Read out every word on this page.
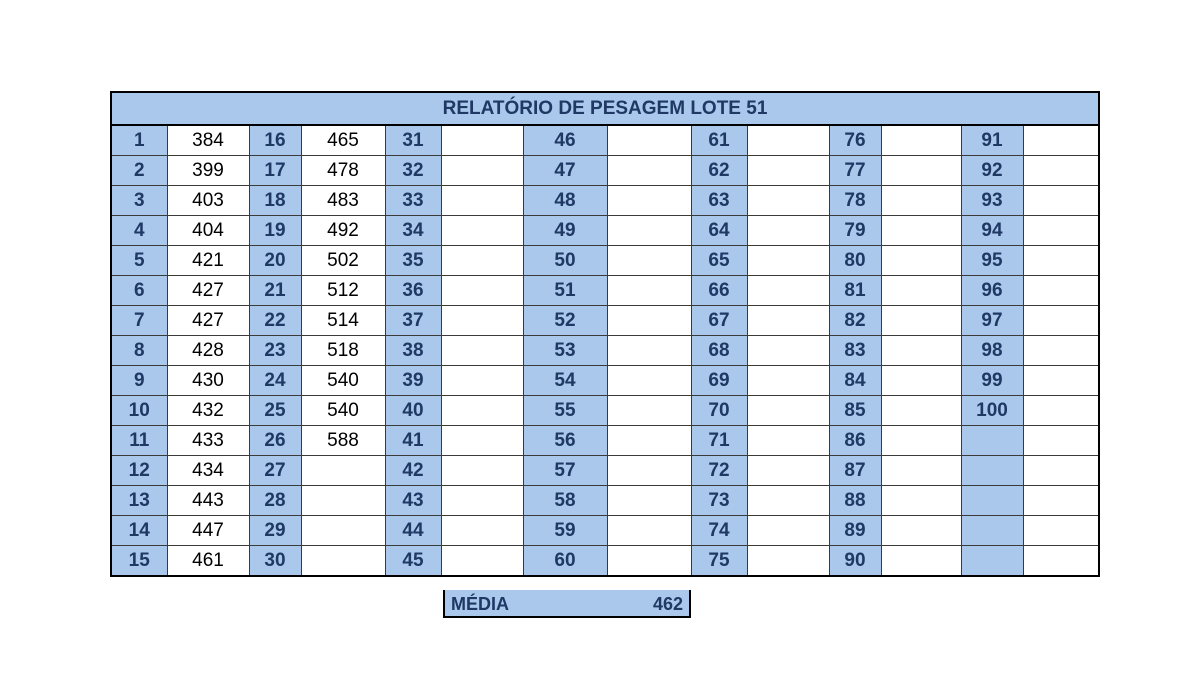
RELATÓRIO DE PESAGEM LOTE 51													
1	384	16	465	31		46		61		76		91	
2	399	17	478	32		47		62		77		92	
3	403	18	483	33		48		63		78		93	
4	404	19	492	34		49		64		79		94	
5	421	20	502	35		50		65		80		95	
6	427	21	512	36		51		66		81		96	
7	427	22	514	37		52		67		82		97	
8	428	23	518	38		53		68		83		98	
9	430	24	540	39		54		69		84		99	
10	432	25	540	40		55		70		85		100	
11	433	26	588	41		56		71		86			
12	434	27		42		57		72		87			
13	443	28		43		58		73		88			
14	447	29		44		59		74		89			
15	461	30		45		60		75		90			
MÉDIA	462
